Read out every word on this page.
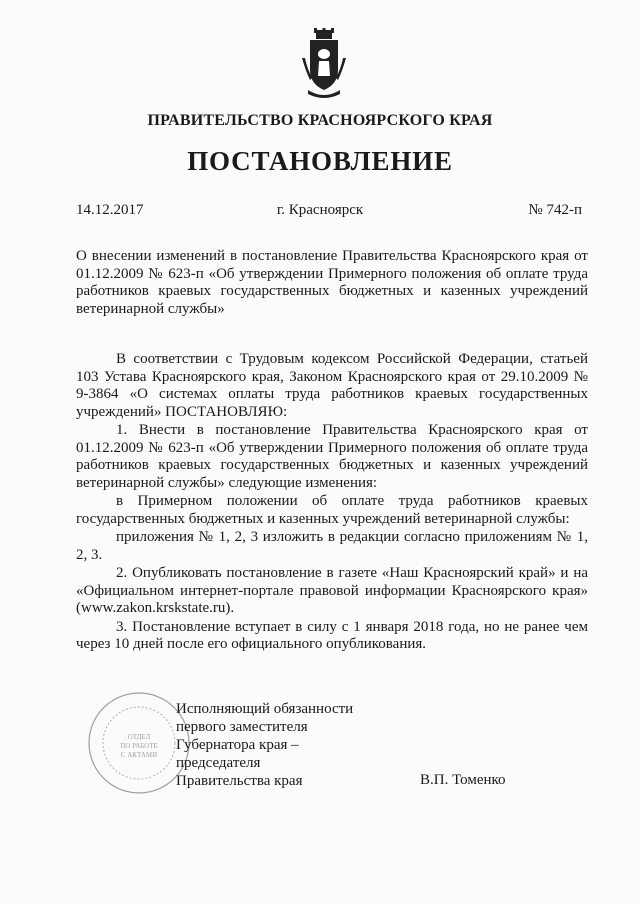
ПРАВИТЕЛЬСТВО КРАСНОЯРСКОГО КРАЯ
ПОСТАНОВЛЕНИЕ
14.12.2017	г. Красноярск	№ 742-п
О внесении изменений в постановление Правительства Красноярского края от 01.12.2009 № 623-п «Об утверждении Примерного положения об оплате труда работников краевых государственных бюджетных и казенных учреждений ветеринарной службы»

В соответствии с Трудовым кодексом Российской Федерации, статьей 103 Устава Красноярского края, Законом Красноярского края от 29.10.2009 № 9-3864 «О системах оплаты труда работников краевых государственных учреждений» ПОСТАНОВЛЯЮ:

1. Внести в постановление Правительства Красноярского края от 01.12.2009 № 623-п «Об утверждении Примерного положения об оплате труда работников краевых государственных бюджетных и казенных учреждений ветеринарной службы» следующие изменения:

в Примерном положении об оплате труда работников краевых государственных бюджетных и казенных учреждений ветеринарной службы:

приложения № 1, 2, 3 изложить в редакции согласно приложениям № 1, 2, 3.

2. Опубликовать постановление в газете «Наш Красноярский край» и на «Официальном интернет-портале правовой информации Красноярского края» (www.zakon.krskstate.ru).

3. Постановление вступает в силу с 1 января 2018 года, но не ранее чем через 10 дней после его официального опубликования.

ОТДЕЛ
ПО РАБОТЕ
С АКТАМИ
Исполняющий обязанности
первого заместителя
Губернатора края –
председателя
Правительства края	В.П. Томенко
